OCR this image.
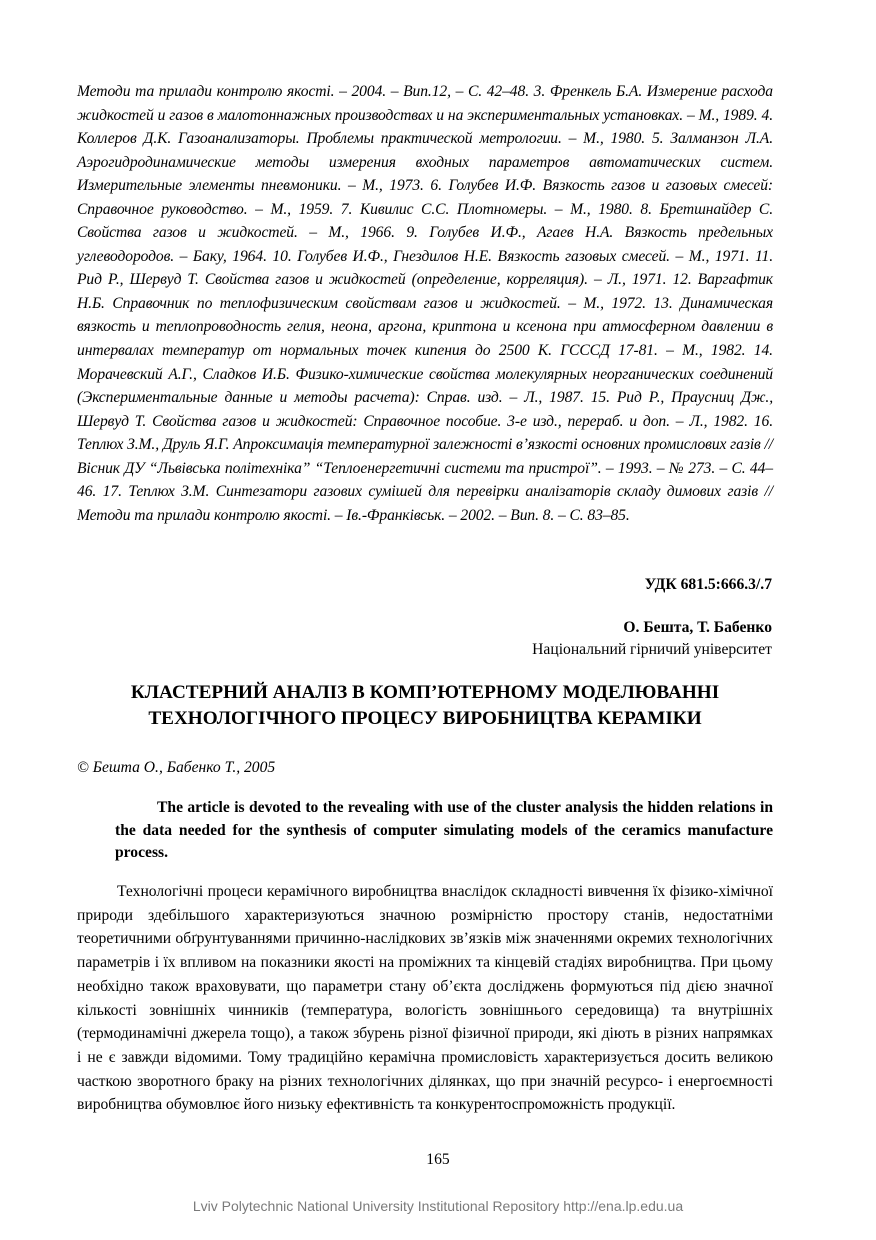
Методи та прилади контролю якості. – 2004. – Вип.12, – С. 42–48. 3. Френкель Б.А. Измерение расхода жидкостей и газов в малотоннажных производствах и на экспериментальных установках. – М., 1989. 4. Коллеров Д.К. Газоанализаторы. Проблемы практической метрологии. – М., 1980. 5. Залманзон Л.А. Аэрогидродинамические методы измерения входных параметров автоматических систем. Измерительные элементы пневмоники. – М., 1973. 6. Голубев И.Ф. Вязкость газов и газовых смесей: Справочное руководство. – М., 1959. 7. Кивилис С.С. Плотномеры. – М., 1980. 8. Бретшнайдер С. Свойства газов и жидкостей. – М., 1966. 9. Голубев И.Ф., Агаев Н.А. Вязкость предельных углеводородов. – Баку, 1964. 10. Голубев И.Ф., Гнездилов Н.Е. Вязкость газовых смесей. – М., 1971. 11. Рид Р., Шервуд Т. Свойства газов и жидкостей (определение, корреляция). – Л., 1971. 12. Варгафтик Н.Б. Справочник по теплофизическим свойствам газов и жидкостей. – М., 1972. 13. Динамическая вязкость и теплопроводность гелия, неона, аргона, криптона и ксенона при атмосферном давлении в интервалах температур от нормальных точек кипения до 2500 К. ГСССД 17-81. – М., 1982. 14. Морачевский А.Г., Сладков И.Б. Физико-химические свойства молекулярных неорганических соединений (Экспериментальные данные и методы расчета): Справ. изд. – Л., 1987. 15. Рид Р., Праусниц Дж., Шервуд Т. Свойства газов и жидкостей: Справочное пособие. 3-е изд., перераб. и доп. – Л., 1982. 16. Теплюх З.М., Друль Я.Г. Апроксимація температурної залежності в’язкості основних промислових газів //Вісник ДУ “Львівська політехніка” “Теплоенергетичні системи та пристрої”. – 1993. – № 273. – С. 44– 46. 17. Теплюх З.М. Синтезатори газових сумішей для перевірки аналізаторів складу димових газів // Методи та прилади контролю якості. – Ів.-Франківськ. – 2002. – Вип. 8. – С. 83–85.

УДК 681.5:666.3/.7
О. Бешта, Т. Бабенко
Національний гірничий університет
КЛАСТЕРНИЙ АНАЛІЗ В КОМП’ЮТЕРНОМУ МОДЕЛЮВАННІ
ТЕХНОЛОГІЧНОГО ПРОЦЕСУ ВИРОБНИЦТВА КЕРАМІКИ
© Бешта О., Бабенко Т., 2005

The article is devoted to the revealing with use of the cluster analysis the hidden relations in the data needed for the synthesis of computer simulating models of the ceramics manufacture process.

Технологічні процеси керамічного виробництва внаслідок складності вивчення їх фізико-хімічної природи здебільшого характеризуються значною розмірністю простору станів, недостатніми теоретичними обґрунтуваннями причинно-наслідкових зв’язків між значеннями окремих технологічних параметрів і їх впливом на показники якості на проміжних та кінцевій стадіях виробництва. При цьому необхідно також враховувати, що параметри стану об’єкта досліджень формуються під дією значної кількості зовнішніх чинників (температура, вологість зовнішнього середовища) та внутрішніх (термодинамічні джерела тощо), а також збурень різної фізичної природи, які діють в різних напрямках і не є завжди відомими. Тому традиційно керамічна промисловість характеризується досить великою часткою зворотного браку на різних технологічних ділянках, що при значній ресурсо- і енергоємності виробництва обумовлює його низьку ефективність та конкурентоспроможність продукції.

165
Lviv Polytechnic National University Institutional Repository http://ena.lp.edu.ua
